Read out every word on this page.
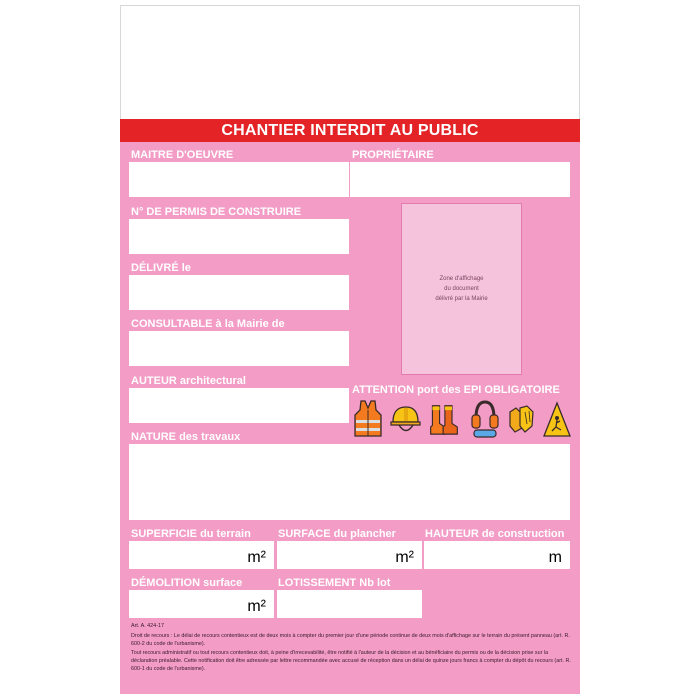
CHANTIER INTERDIT AU PUBLIC
MAITRE D'OEUVRE	PROPRIÉTAIRE
N° DE PERMIS DE CONSTRUIRE
DÉLIVRÉ le
CONSULTABLE à la Mairie de
AUTEUR architectural
Zone d'affichage
du document
délivré par la Mairie
ATTENTION port des EPI OBLIGATOIRE
NATURE des travaux
SUPERFICIE du terrain
m²
SURFACE du plancher
m²
HAUTEUR de construction
m
DÉMOLITION surface
m²
LOTISSEMENT Nb lot
Art. A. 424-17
Droit de recours : Le délai de recours contentieux est de deux mois à compter du premier jour d'une période continue de deux mois d'affichage sur le terrain du présent panneau (art. R. 600-2 du code de l'urbanisme).
Tout recours administratif ou tout recours contentieux doit, à peine d'irrecevabilité, être notifié à l'auteur de la décision et au bénéficiaire du permis ou de la décision prise sur la déclaration préalable. Cette notification doit être adressée par lettre recommandée avec accusé de réception dans un délai de quinze jours francs à compter du dépôt du recours (art. R. 600-1 du code de l'urbanisme).
